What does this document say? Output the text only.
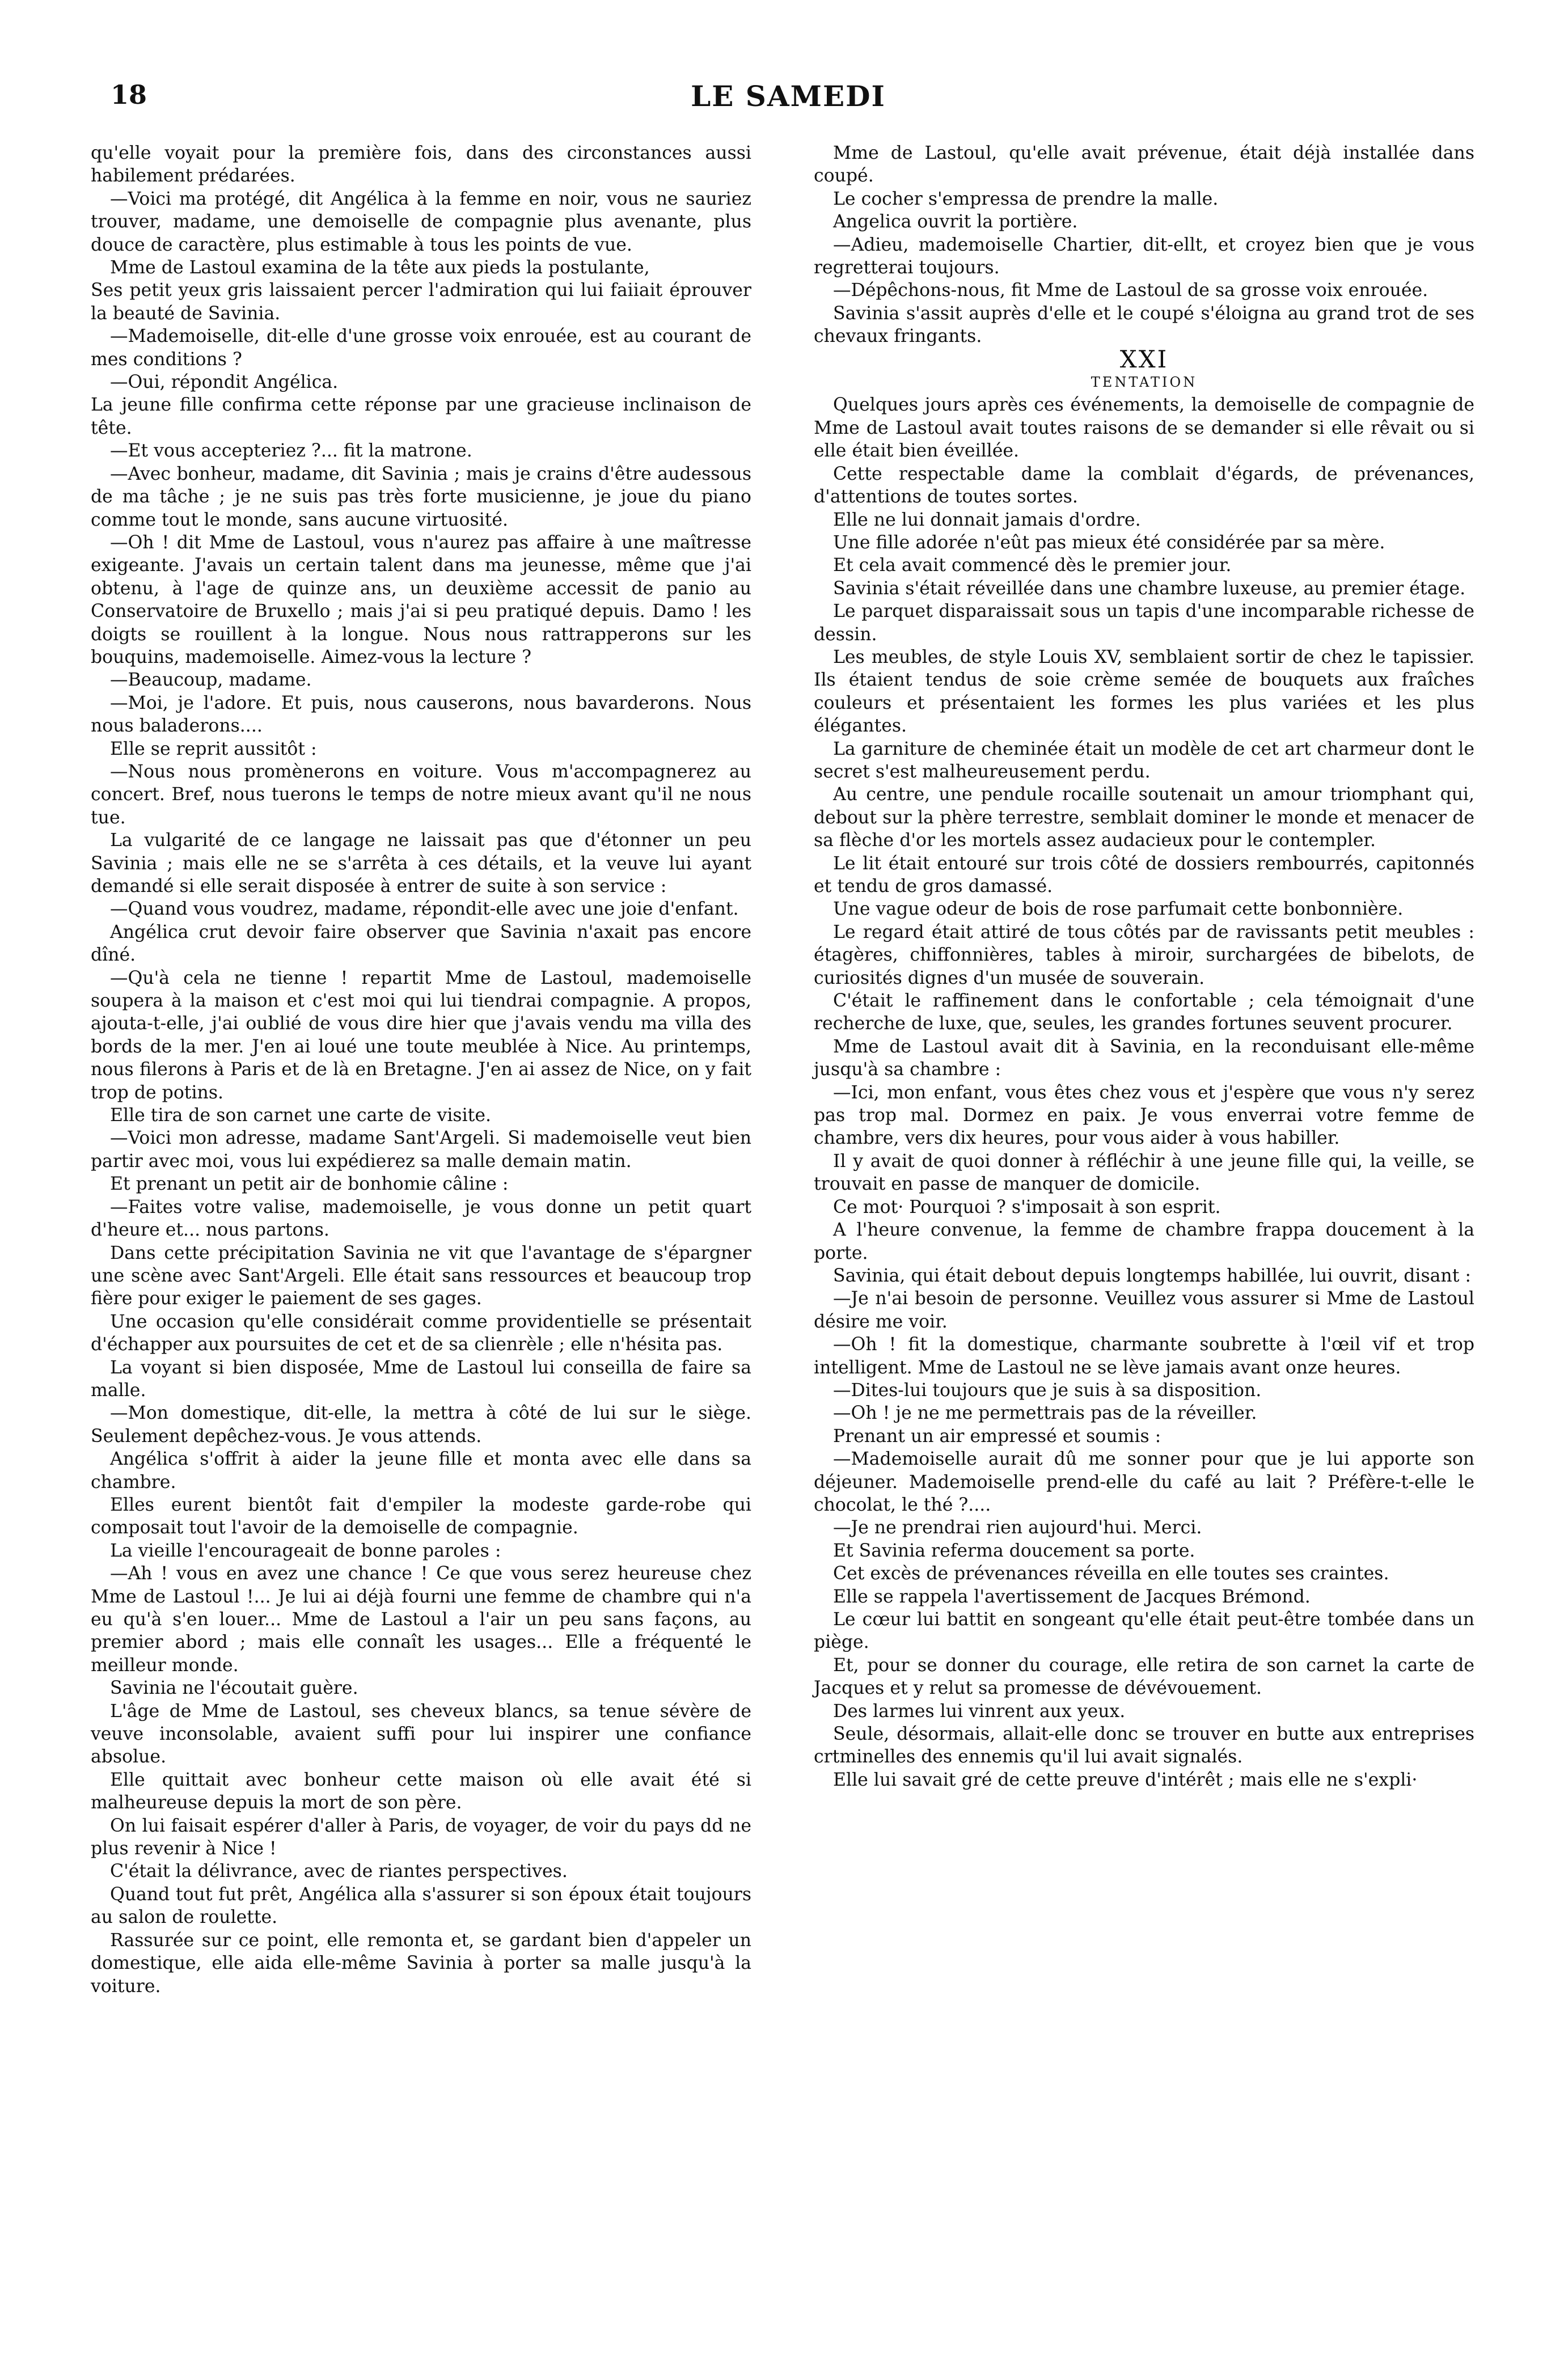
18	LE SAMEDI

qu'elle voyait pour la première fois, dans des circonstances aussi habilement prédarées.

—Voici ma protégé, dit Angélica à la femme en noir, vous ne sauriez trouver, madame, une demoiselle de compagnie plus avenante, plus douce de caractère, plus estimable à tous les points de vue.

Mme de Lastoul examina de la tête aux pieds la postulante,

Ses petit yeux gris laissaient percer l'admiration qui lui faiiait éprouver la beauté de Savinia.

—Mademoiselle, dit-elle d'une grosse voix enrouée, est au courant de mes conditions ?

—Oui, répondit Angélica.

La jeune fille confirma cette réponse par une gracieuse inclinaison de tête.

—Et vous accepteriez ?... fit la matrone.

—Avec bonheur, madame, dit Savinia ; mais je crains d'être audessous de ma tâche ; je ne suis pas très forte musicienne, je joue du piano comme tout le monde, sans aucune virtuosité.

—Oh ! dit Mme de Lastoul, vous n'aurez pas affaire à une maîtresse exigeante. J'avais un certain talent dans ma jeunesse, même que j'ai obtenu, à l'age de quinze ans, un deuxième accessit de panio au Conservatoire de Bruxello ; mais j'ai si peu pratiqué depuis. Damo ! les doigts se rouillent à la longue. Nous nous rattrapperons sur les bouquins, mademoiselle. Aimez-vous la lecture ?

—Beaucoup, madame.

—Moi, je l'adore. Et puis, nous causerons, nous bavarderons. Nous nous baladerons....

Elle se reprit aussitôt :

—Nous nous promènerons en voiture. Vous m'accompagnerez au concert. Bref, nous tuerons le temps de notre mieux avant qu'il ne nous tue.

La vulgarité de ce langage ne laissait pas que d'étonner un peu Savinia ; mais elle ne se s'arrêta à ces détails, et la veuve lui ayant demandé si elle serait disposée à entrer de suite à son service :

—Quand vous voudrez, madame, répondit-elle avec une joie d'enfant.

Angélica crut devoir faire observer que Savinia n'axait pas encore dîné.

—Qu'à cela ne tienne ! repartit Mme de Lastoul, mademoiselle soupera à la maison et c'est moi qui lui tiendrai compagnie. A propos, ajouta-t-elle, j'ai oublié de vous dire hier que j'avais vendu ma villa des bords de la mer. J'en ai loué une toute meublée à Nice. Au printemps, nous filerons à Paris et de là en Bretagne. J'en ai assez de Nice, on y fait trop de potins.

Elle tira de son carnet une carte de visite.

—Voici mon adresse, madame Sant'Argeli. Si mademoiselle veut bien partir avec moi, vous lui expédierez sa malle demain matin.

Et prenant un petit air de bonhomie câline :

—Faites votre valise, mademoiselle, je vous donne un petit quart d'heure et... nous partons.

Dans cette précipitation Savinia ne vit que l'avantage de s'épargner une scène avec Sant'Argeli. Elle était sans ressources et beaucoup trop fière pour exiger le paiement de ses gages.

Une occasion qu'elle considérait comme providentielle se présentait d'échapper aux poursuites de cet et de sa clienrèle ; elle n'hésita pas.

La voyant si bien disposée, Mme de Lastoul lui conseilla de faire sa malle.

—Mon domestique, dit-elle, la mettra à côté de lui sur le siège. Seulement depêchez-vous. Je vous attends.

Angélica s'offrit à aider la jeune fille et monta avec elle dans sa chambre.

Elles eurent bientôt fait d'empiler la modeste garde-robe qui composait tout l'avoir de la demoiselle de compagnie.

La vieille l'encourageait de bonne paroles :

—Ah ! vous en avez une chance ! Ce que vous serez heureuse chez Mme de Lastoul !... Je lui ai déjà fourni une femme de chambre qui n'a eu qu'à s'en louer... Mme de Lastoul a l'air un peu sans façons, au premier abord ; mais elle connaît les usages... Elle a fréquenté le meilleur monde.

Savinia ne l'écoutait guère.

L'âge de Mme de Lastoul, ses cheveux blancs, sa tenue sévère de veuve inconsolable, avaient suffi pour lui inspirer une confiance absolue.

Elle quittait avec bonheur cette maison où elle avait été si malheureuse depuis la mort de son père.

On lui faisait espérer d'aller à Paris, de voyager, de voir du pays dd ne plus revenir à Nice !

C'était la délivrance, avec de riantes perspectives.

Quand tout fut prêt, Angélica alla s'assurer si son époux était toujours au salon de roulette.

Rassurée sur ce point, elle remonta et, se gardant bien d'appeler un domestique, elle aida elle-même Savinia à porter sa malle jusqu'à la voiture.

Mme de Lastoul, qu'elle avait prévenue, était déjà installée dans coupé.

Le cocher s'empressa de prendre la malle.

Angelica ouvrit la portière.

—Adieu, mademoiselle Chartier, dit-ellt, et croyez bien que je vous regretterai toujours.

—Dépêchons-nous, fit Mme de Lastoul de sa grosse voix enrouée.

Savinia s'assit auprès d'elle et le coupé s'éloigna au grand trot de ses chevaux fringants.

XXI

TENTATION

Quelques jours après ces événements, la demoiselle de compagnie de Mme de Lastoul avait toutes raisons de se demander si elle rêvait ou si elle était bien éveillée.

Cette respectable dame la comblait d'égards, de prévenances, d'attentions de toutes sortes.

Elle ne lui donnait jamais d'ordre.

Une fille adorée n'eût pas mieux été considérée par sa mère.

Et cela avait commencé dès le premier jour.

Savinia s'était réveillée dans une chambre luxeuse, au premier étage.

Le parquet disparaissait sous un tapis d'une incomparable richesse de dessin.

Les meubles, de style Louis XV, semblaient sortir de chez le tapissier. Ils étaient tendus de soie crème semée de bouquets aux fraîches couleurs et présentaient les formes les plus variées et les plus élégantes.

La garniture de cheminée était un modèle de cet art charmeur dont le secret s'est malheureusement perdu.

Au centre, une pendule rocaille soutenait un amour triomphant qui, debout sur la phère terrestre, semblait dominer le monde et menacer de sa flèche d'or les mortels assez audacieux pour le contempler.

Le lit était entouré sur trois côté de dossiers rembourrés, capitonnés et tendu de gros damassé.

Une vague odeur de bois de rose parfumait cette bonbonnière.

Le regard était attiré de tous côtés par de ravissants petit meubles : étagères, chiffonnières, tables à miroir, surchargées de bibelots, de curiosités dignes d'un musée de souverain.

C'était le raffinement dans le confortable ; cela témoignait d'une recherche de luxe, que, seules, les grandes fortunes seuvent procurer.

Mme de Lastoul avait dit à Savinia, en la reconduisant elle-même jusqu'à sa chambre :

—Ici, mon enfant, vous êtes chez vous et j'espère que vous n'y serez pas trop mal. Dormez en paix. Je vous enverrai votre femme de chambre, vers dix heures, pour vous aider à vous habiller.

Il y avait de quoi donner à réfléchir à une jeune fille qui, la veille, se trouvait en passe de manquer de domicile.

Ce mot· Pourquoi ? s'imposait à son esprit.

A l'heure convenue, la femme de chambre frappa doucement à la porte.

Savinia, qui était debout depuis longtemps habillée, lui ouvrit, disant :

—Je n'ai besoin de personne. Veuillez vous assurer si Mme de Lastoul désire me voir.

—Oh ! fit la domestique, charmante soubrette à l'œil vif et trop intelligent. Mme de Lastoul ne se lève jamais avant onze heures.

—Dites-lui toujours que je suis à sa disposition.

—Oh ! je ne me permettrais pas de la réveiller.

Prenant un air empressé et soumis :

—Mademoiselle aurait dû me sonner pour que je lui apporte son déjeuner. Mademoiselle prend-elle du café au lait ? Préfère-t-elle le chocolat, le thé ?....

—Je ne prendrai rien aujourd'hui. Merci.

Et Savinia referma doucement sa porte.

Cet excès de prévenances réveilla en elle toutes ses craintes.

Elle se rappela l'avertissement de Jacques Brémond.

Le cœur lui battit en songeant qu'elle était peut-être tombée dans un piège.

Et, pour se donner du courage, elle retira de son carnet la carte de Jacques et y relut sa promesse de dévévouement.

Des larmes lui vinrent aux yeux.

Seule, désormais, allait-elle donc se trouver en butte aux entreprises crtminelles des ennemis qu'il lui avait signalés.

Elle lui savait gré de cette preuve d'intérêt ; mais elle ne s'expli·
